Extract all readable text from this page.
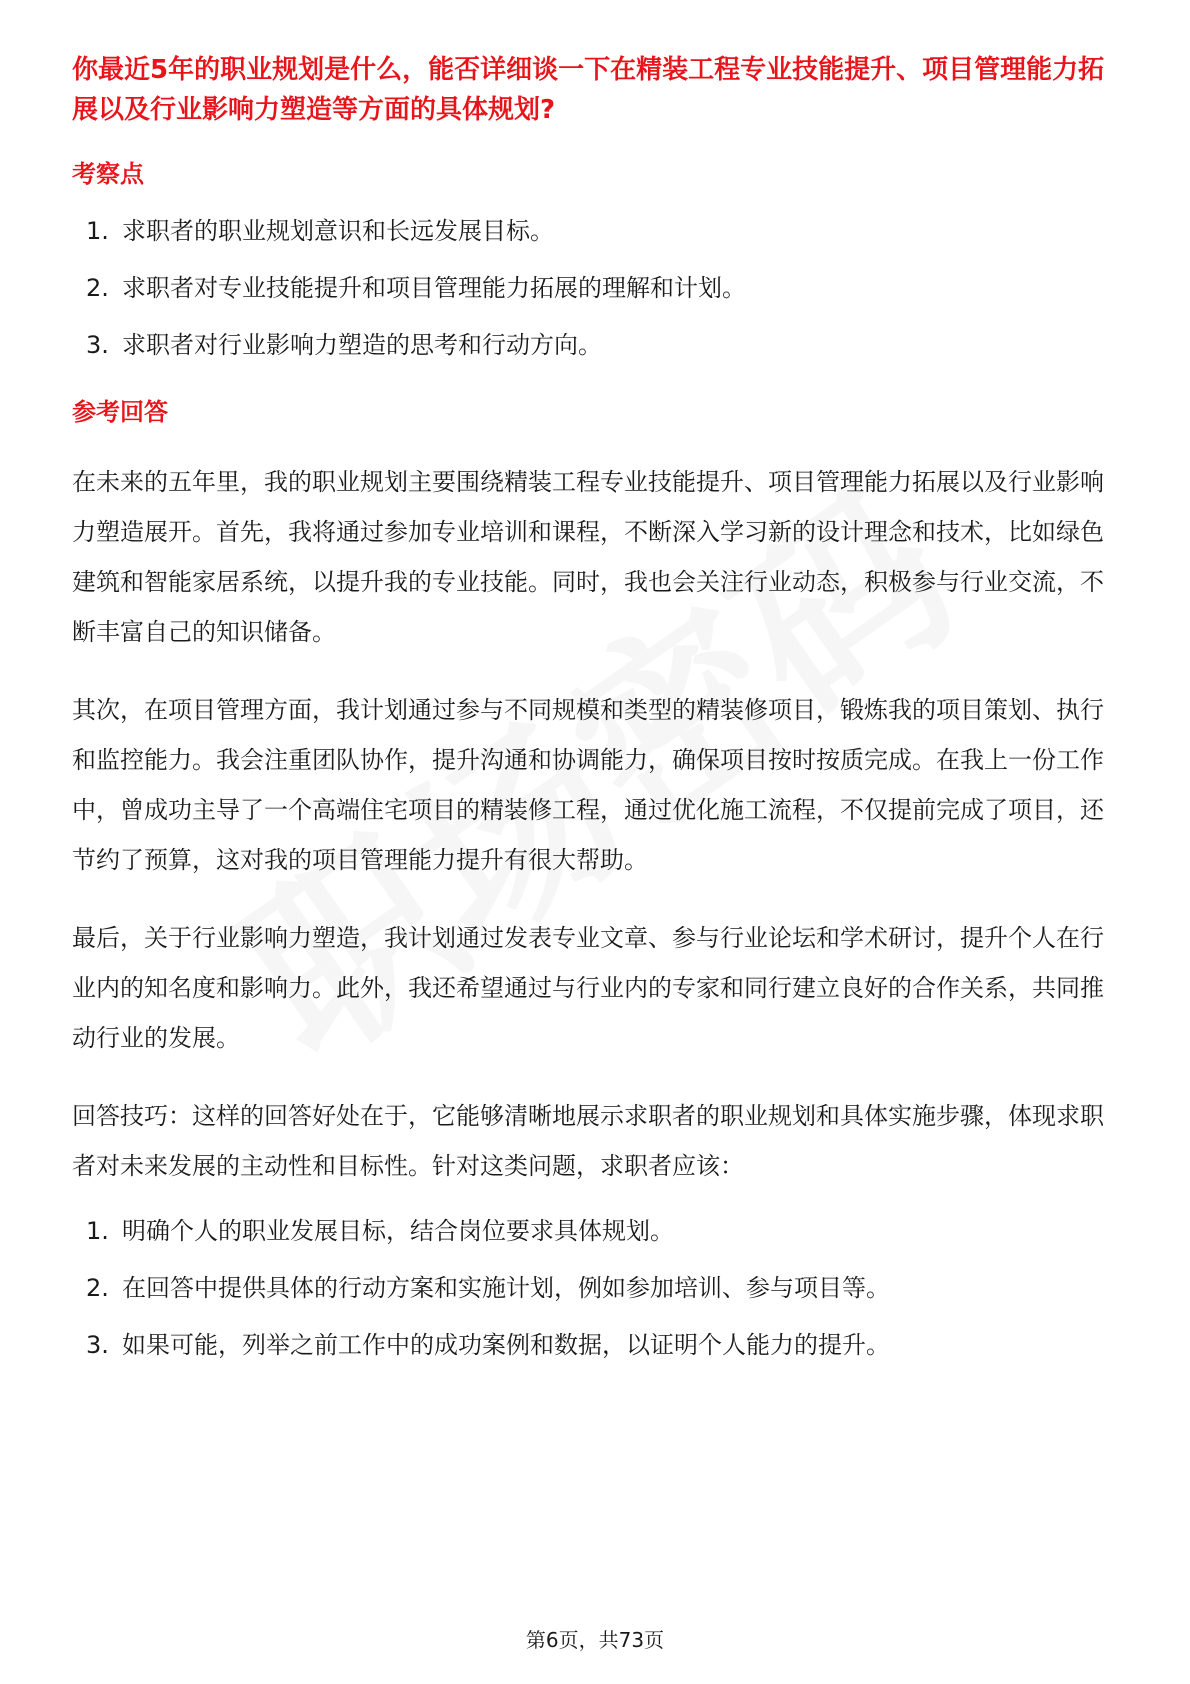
你最近5年的职业规划是什么，能否详细谈一下在精装工程专业技能提升、项目管理能力拓展以及行业影响力塑造等方面的具体规划?

考察点

1. 求职者的职业规划意识和长远发展目标。
2. 求职者对专业技能提升和项目管理能力拓展的理解和计划。
3. 求职者对行业影响力塑造的思考和行动方向。

参考回答

在未来的五年里，我的职业规划主要围绕精装工程专业技能提升、项目管理能力拓展以及行业影响力塑造展开。首先，我将通过参加专业培训和课程，不断深入学习新的设计理念和技术，比如绿色建筑和智能家居系统，以提升我的专业技能。同时，我也会关注行业动态，积极参与行业交流，不断丰富自己的知识储备。

其次，在项目管理方面，我计划通过参与不同规模和类型的精装修项目，锻炼我的项目策划、执行和监控能力。我会注重团队协作，提升沟通和协调能力，确保项目按时按质完成。在我上一份工作中，曾成功主导了一个高端住宅项目的精装修工程，通过优化施工流程，不仅提前完成了项目，还节约了预算，这对我的项目管理能力提升有很大帮助。

最后，关于行业影响力塑造，我计划通过发表专业文章、参与行业论坛和学术研讨，提升个人在行业内的知名度和影响力。此外，我还希望通过与行业内的专家和同行建立良好的合作关系，共同推动行业的发展。

回答技巧：这样的回答好处在于，它能够清晰地展示求职者的职业规划和具体实施步骤，体现求职者对未来发展的主动性和目标性。针对这类问题，求职者应该：

1. 明确个人的职业发展目标，结合岗位要求具体规划。
2. 在回答中提供具体的行动方案和实施计划，例如参加培训、参与项目等。
3. 如果可能，列举之前工作中的成功案例和数据，以证明个人能力的提升。
第6页，共73页
